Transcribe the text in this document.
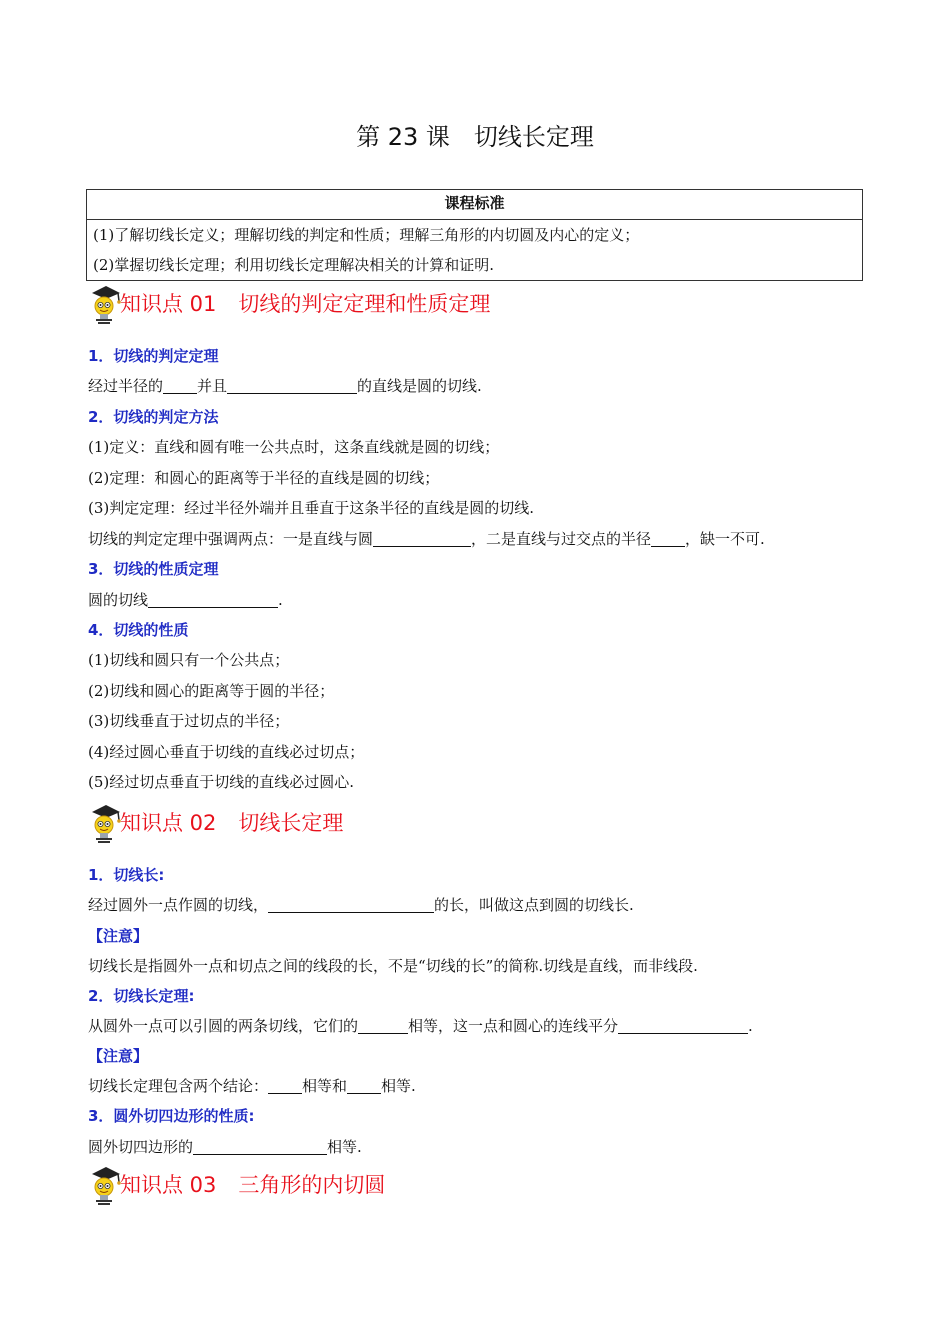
第 23 课　切线长定理
课程标准
(1)了解切线长定义；理解切线的判定和性质；理解三角形的内切圆及内心的定义；
(2)掌握切线长定理；利用切线长定理解决相关的计算和证明.
知识点 01 切线的判定定理和性质定理
1．切线的判定定理
经过半径的 并且	的直线是圆的切线.
2．切线的判定方法
(1)定义：直线和圆有唯一公共点时，这条直线就是圆的切线；
(2)定理：和圆心的距离等于半径的直线是圆的切线；
(3)判定定理：经过半径外端并且垂直于这条半径的直线是圆的切线.
切线的判定定理中强调两点：一是直线与圆	，二是直线与过交点的半径 ，缺一不可.
3．切线的性质定理
圆的切线	.
4．切线的性质
(1)切线和圆只有一个公共点；
(2)切线和圆心的距离等于圆的半径；
(3)切线垂直于过切点的半径；
(4)经过圆心垂直于切线的直线必过切点；
(5)经过切点垂直于切线的直线必过圆心.
知识点 02 切线长定理
1．切线长:
经过圆外一点作圆的切线，	的长，叫做这点到圆的切线长.
【注意】
切线长是指圆外一点和切点之间的线段的长，不是“切线的长”的简称.切线是直线，而非线段.
2．切线长定理:
从圆外一点可以引圆的两条切线，它们的	相等，这一点和圆心的连线平分	.
【注意】
切线长定理包含两个结论： 相等和 相等.
3．圆外切四边形的性质:
圆外切四边形的	相等.
知识点 03 三角形的内切圆
